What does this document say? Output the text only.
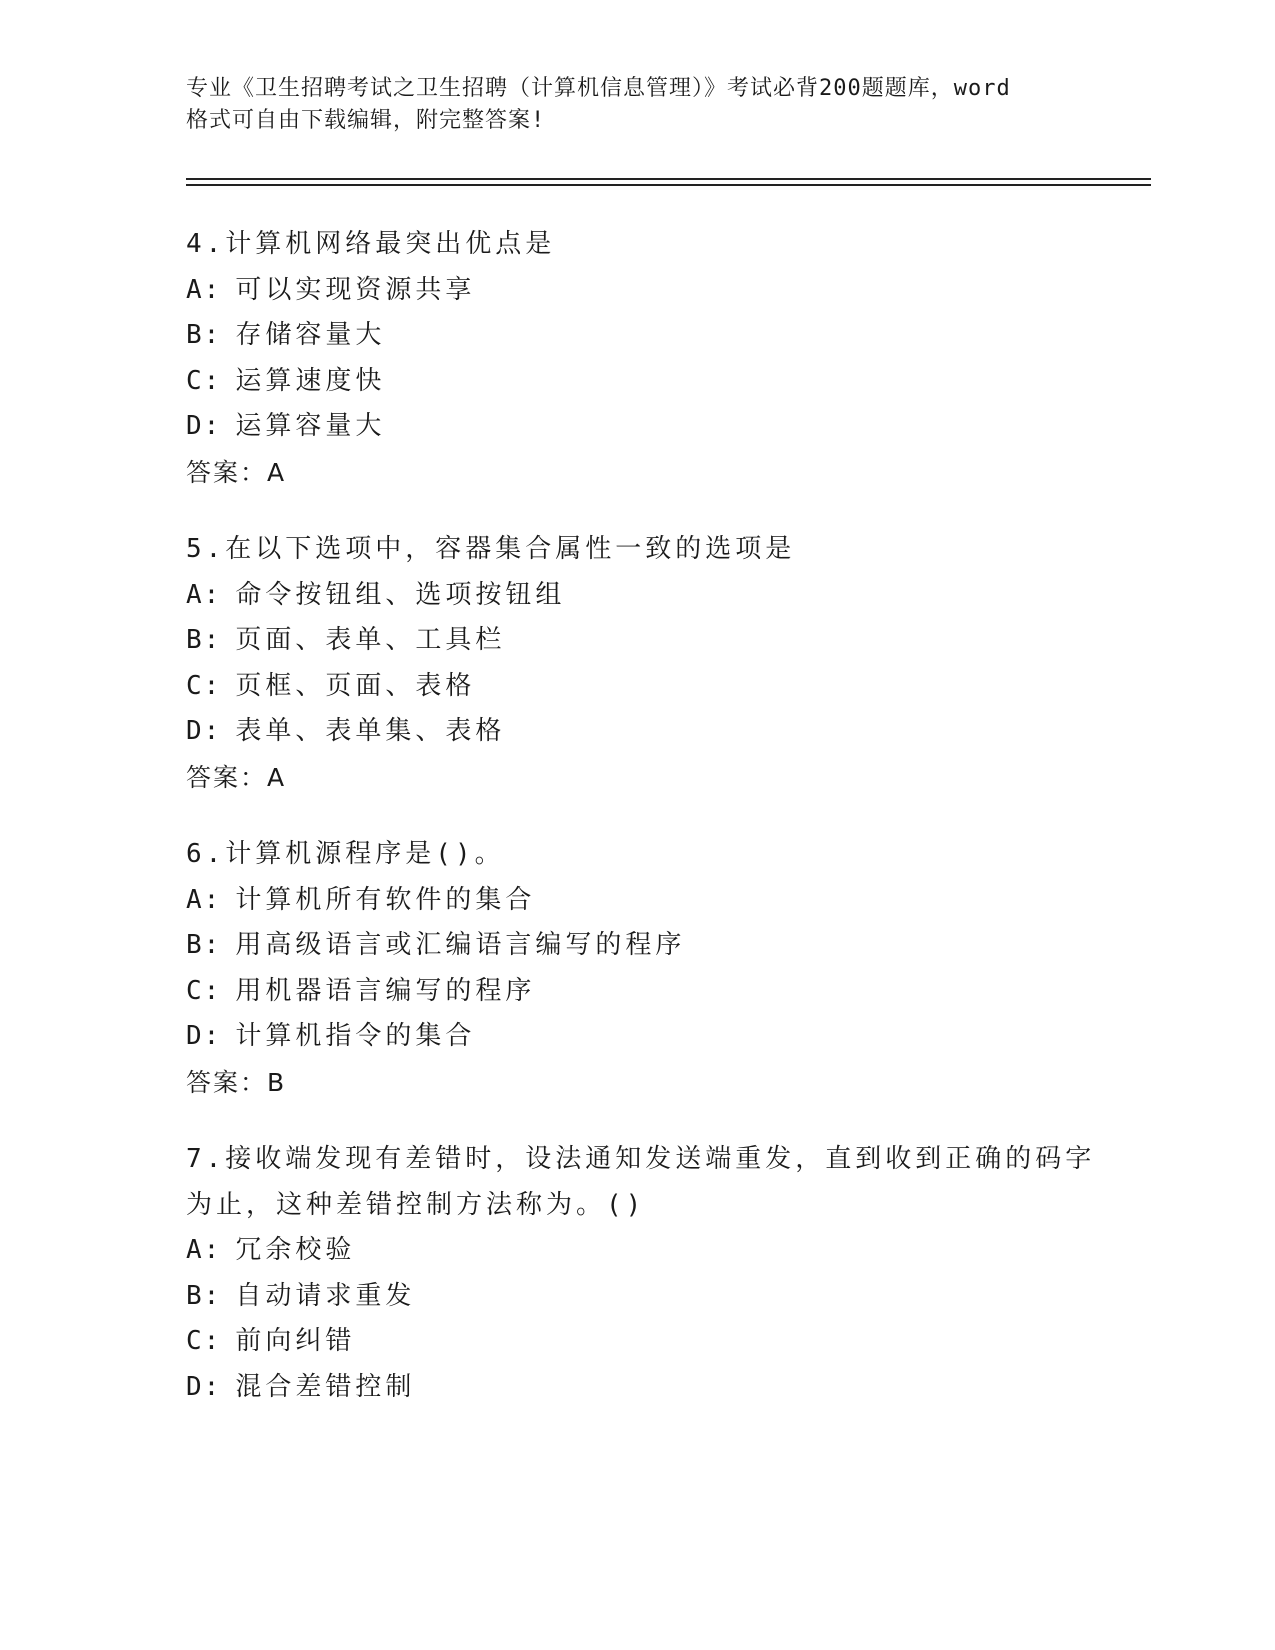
专业《卫生招聘考试之卫生招聘（计算机信息管理）》考试必背200题题库，word
格式可自由下载编辑，附完整答案!
4.计算机网络最突出优点是
A: 可以实现资源共享
B: 存储容量大
C: 运算速度快
D: 运算容量大
答案：A
5.在以下选项中，容器集合属性一致的选项是
A: 命令按钮组、选项按钮组
B: 页面、表单、工具栏
C: 页框、页面、表格
D: 表单、表单集、表格
答案：A
6.计算机源程序是()。
A: 计算机所有软件的集合
B: 用高级语言或汇编语言编写的程序
C: 用机器语言编写的程序
D: 计算机指令的集合
答案：B
7.接收端发现有差错时，设法通知发送端重发，直到收到正确的码字
为止，这种差错控制方法称为。()
A: 冗余校验
B: 自动请求重发
C: 前向纠错
D: 混合差错控制
